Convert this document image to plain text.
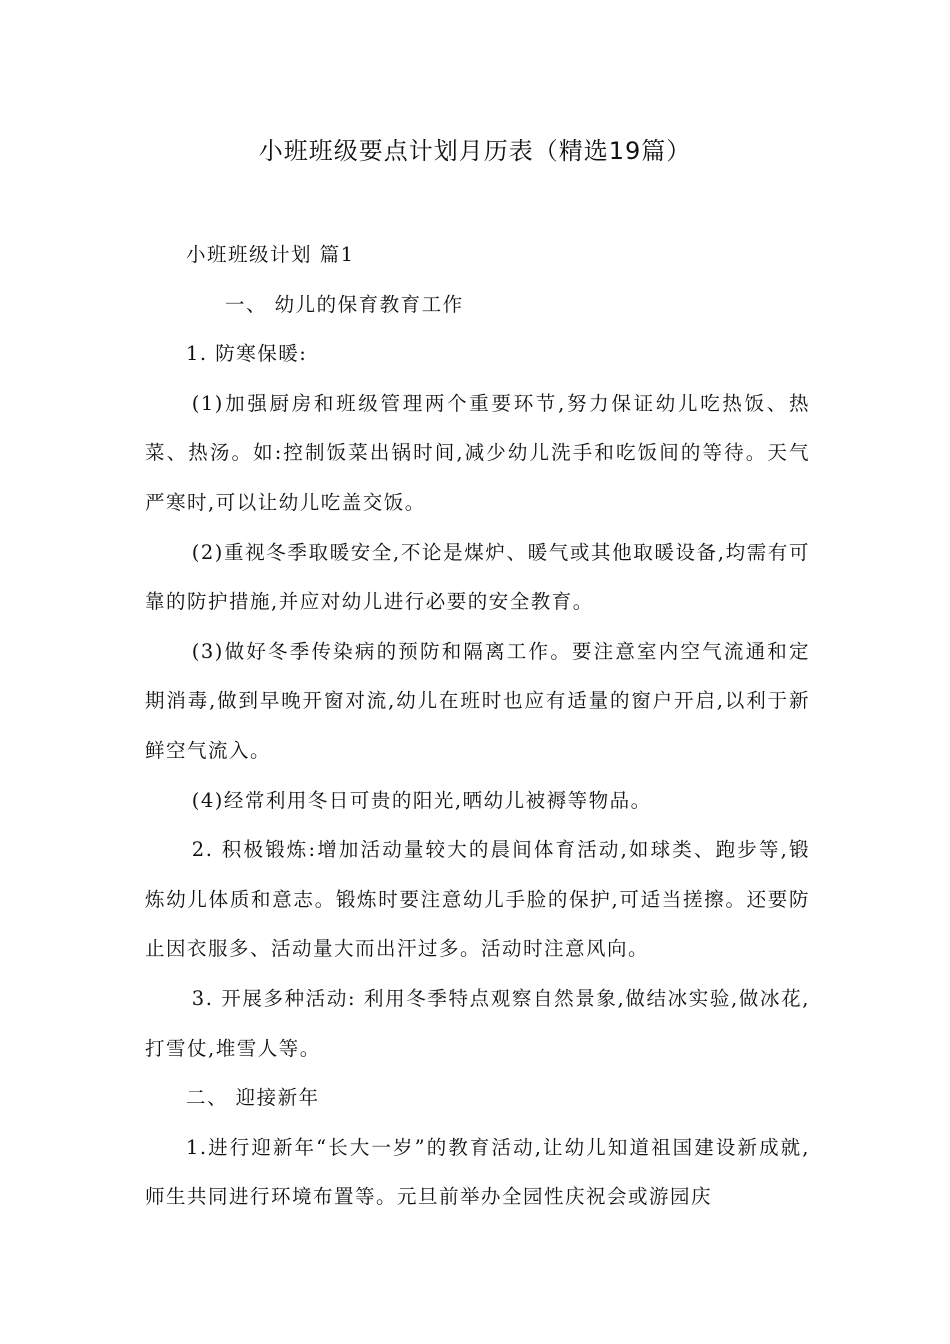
小班班级要点计划月历表（精选19篇）

小班班级计划 篇1

一、 幼儿的保育教育工作

1. 防寒保暖:

(1)加强厨房和班级管理两个重要环节,努力保证幼儿吃热饭、热菜、热汤。如:控制饭菜出锅时间,减少幼儿洗手和吃饭间的等待。天气严寒时,可以让幼儿吃盖交饭。

(2)重视冬季取暖安全,不论是煤炉、暖气或其他取暖设备,均需有可靠的防护措施,并应对幼儿进行必要的安全教育。

(3)做好冬季传染病的预防和隔离工作。要注意室内空气流通和定期消毒,做到早晚开窗对流,幼儿在班时也应有适量的窗户开启,以利于新鲜空气流入。

(4)经常利用冬日可贵的阳光,晒幼儿被褥等物品。

2. 积极锻炼:增加活动量较大的晨间体育活动,如球类、跑步等,锻炼幼儿体质和意志。锻炼时要注意幼儿手脸的保护,可适当搓擦。还要防止因衣服多、活动量大而出汗过多。活动时注意风向。

3. 开展多种活动: 利用冬季特点观察自然景象,做结冰实验,做冰花,打雪仗,堆雪人等。

二、 迎接新年

1.进行迎新年“长大一岁”的教育活动,让幼儿知道祖国建设新成就,师生共同进行环境布置等。元旦前举办全园性庆祝会或游园庆
